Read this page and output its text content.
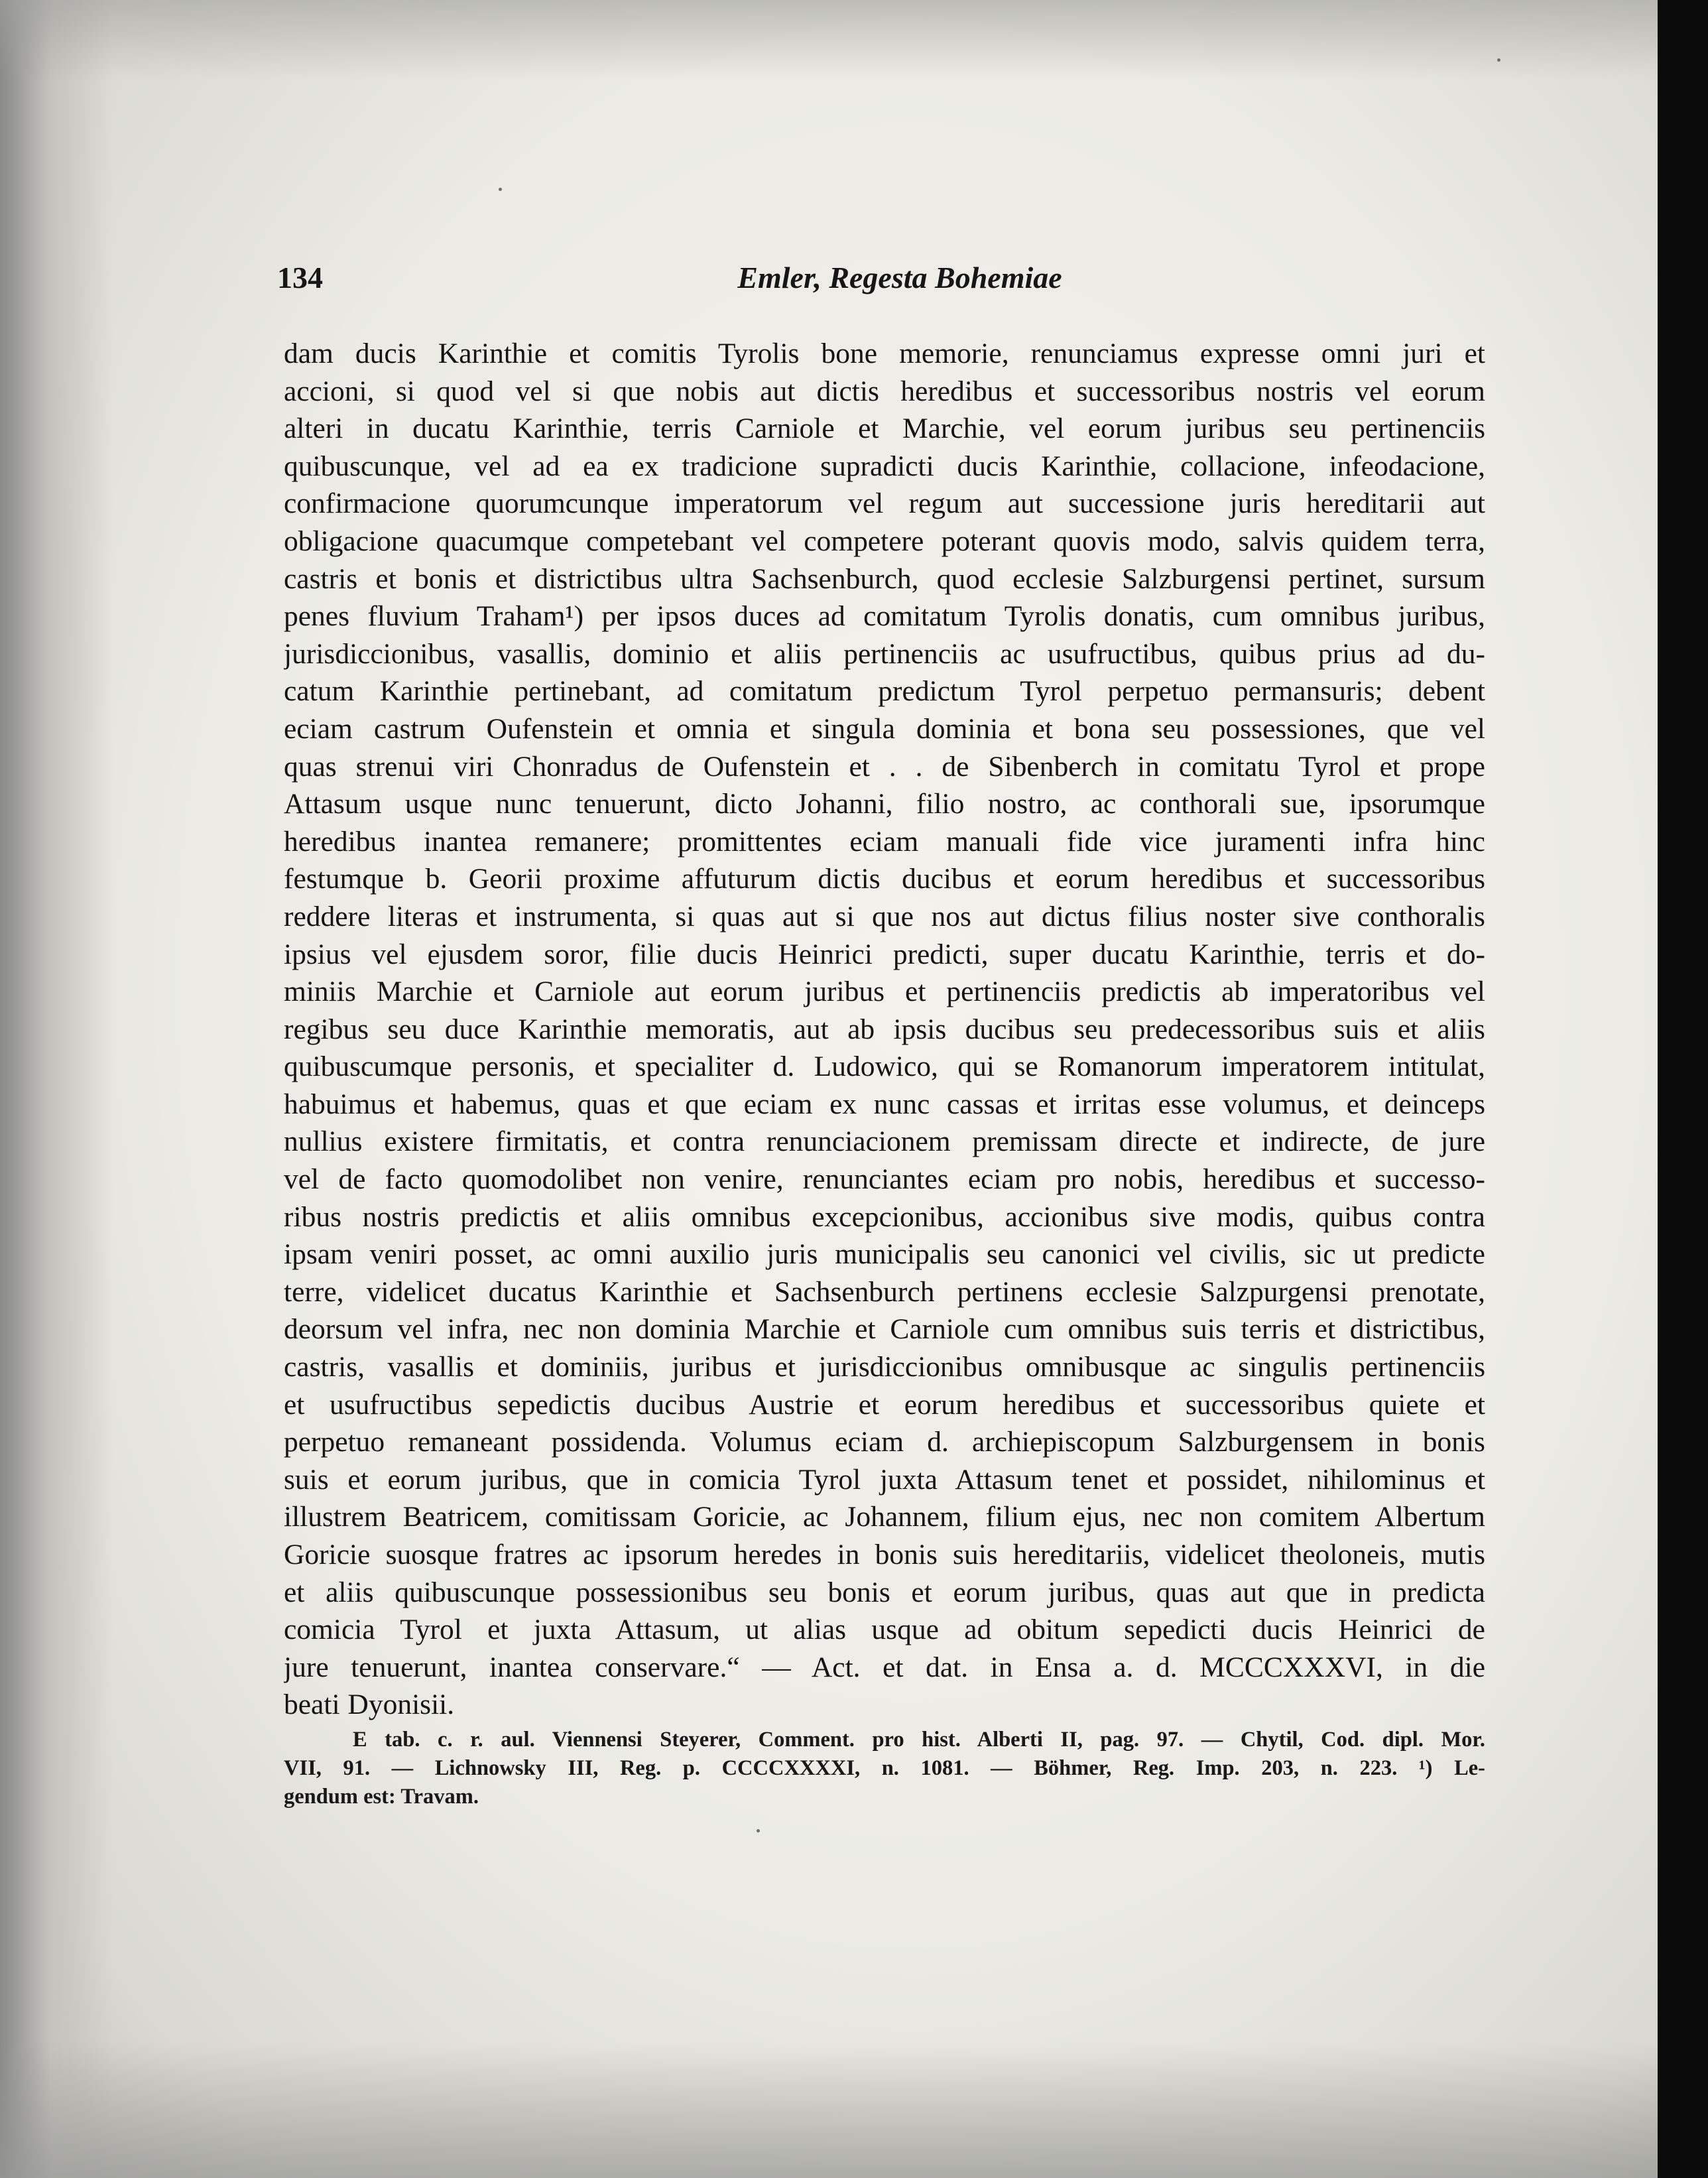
134	Emler, Regesta Bohemiae
dam ducis Karinthie et comitis Tyrolis bone memorie, renunciamus expresse omni juri et
accioni, si quod vel si que nobis aut dictis heredibus et successoribus nostris vel eorum
alteri in ducatu Karinthie, terris Carniole et Marchie, vel eorum juribus seu pertinenciis
quibuscunque, vel ad ea ex tradicione supradicti ducis Karinthie, collacione, infeodacione,
confirmacione quorumcunque imperatorum vel regum aut successione juris hereditarii aut
obligacione quacumque competebant vel competere poterant quovis modo, salvis quidem terra,
castris et bonis et districtibus ultra Sachsenburch, quod ecclesie Salzburgensi pertinet, sursum
penes fluvium Traham¹) per ipsos duces ad comitatum Tyrolis donatis, cum omnibus juribus,
jurisdiccionibus, vasallis, dominio et aliis pertinenciis ac usufructibus, quibus prius ad du-
catum Karinthie pertinebant, ad comitatum predictum Tyrol perpetuo permansuris; debent
eciam castrum Oufenstein et omnia et singula dominia et bona seu possessiones, que vel
quas strenui viri Chonradus de Oufenstein et . . de Sibenberch in comitatu Tyrol et prope
Attasum usque nunc tenuerunt, dicto Johanni, filio nostro, ac conthorali sue, ipsorumque
heredibus inantea remanere; promittentes eciam manuali fide vice juramenti infra hinc
festumque b. Georii proxime affuturum dictis ducibus et eorum heredibus et successoribus
reddere literas et instrumenta, si quas aut si que nos aut dictus filius noster sive conthoralis
ipsius vel ejusdem soror, filie ducis Heinrici predicti, super ducatu Karinthie, terris et do-
miniis Marchie et Carniole aut eorum juribus et pertinenciis predictis ab imperatoribus vel
regibus seu duce Karinthie memoratis, aut ab ipsis ducibus seu predecessoribus suis et aliis
quibuscumque personis, et specialiter d. Ludowico, qui se Romanorum imperatorem intitulat,
habuimus et habemus, quas et que eciam ex nunc cassas et irritas esse volumus, et deinceps
nullius existere firmitatis, et contra renunciacionem premissam directe et indirecte, de jure
vel de facto quomodolibet non venire, renunciantes eciam pro nobis, heredibus et successo-
ribus nostris predictis et aliis omnibus excepcionibus, accionibus sive modis, quibus contra
ipsam veniri posset, ac omni auxilio juris municipalis seu canonici vel civilis, sic ut predicte
terre, videlicet ducatus Karinthie et Sachsenburch pertinens ecclesie Salzpurgensi prenotate,
deorsum vel infra, nec non dominia Marchie et Carniole cum omnibus suis terris et districtibus,
castris, vasallis et dominiis, juribus et jurisdiccionibus omnibusque ac singulis pertinenciis
et usufructibus sepedictis ducibus Austrie et eorum heredibus et successoribus quiete et
perpetuo remaneant possidenda. Volumus eciam d. archiepiscopum Salzburgensem in bonis
suis et eorum juribus, que in comicia Tyrol juxta Attasum tenet et possidet, nihilominus et
illustrem Beatricem, comitissam Goricie, ac Johannem, filium ejus, nec non comitem Albertum
Goricie suosque fratres ac ipsorum heredes in bonis suis hereditariis, videlicet theoloneis, mutis
et aliis quibuscunque possessionibus seu bonis et eorum juribus, quas aut que in predicta
comicia Tyrol et juxta Attasum, ut alias usque ad obitum sepedicti ducis Heinrici de
jure tenuerunt, inantea conservare.“ — Act. et dat. in Ensa a. d. MCCCXXXVI, in die
beati Dyonisii.
E tab. c. r. aul. Viennensi Steyerer, Comment. pro hist. Alberti II, pag. 97. — Chytil, Cod. dipl. Mor.
VII, 91. — Lichnowsky III, Reg. p. CCCCXXXXI, n. 1081. — Böhmer, Reg. Imp. 203, n. 223. ¹) Le-
gendum est: Travam.
